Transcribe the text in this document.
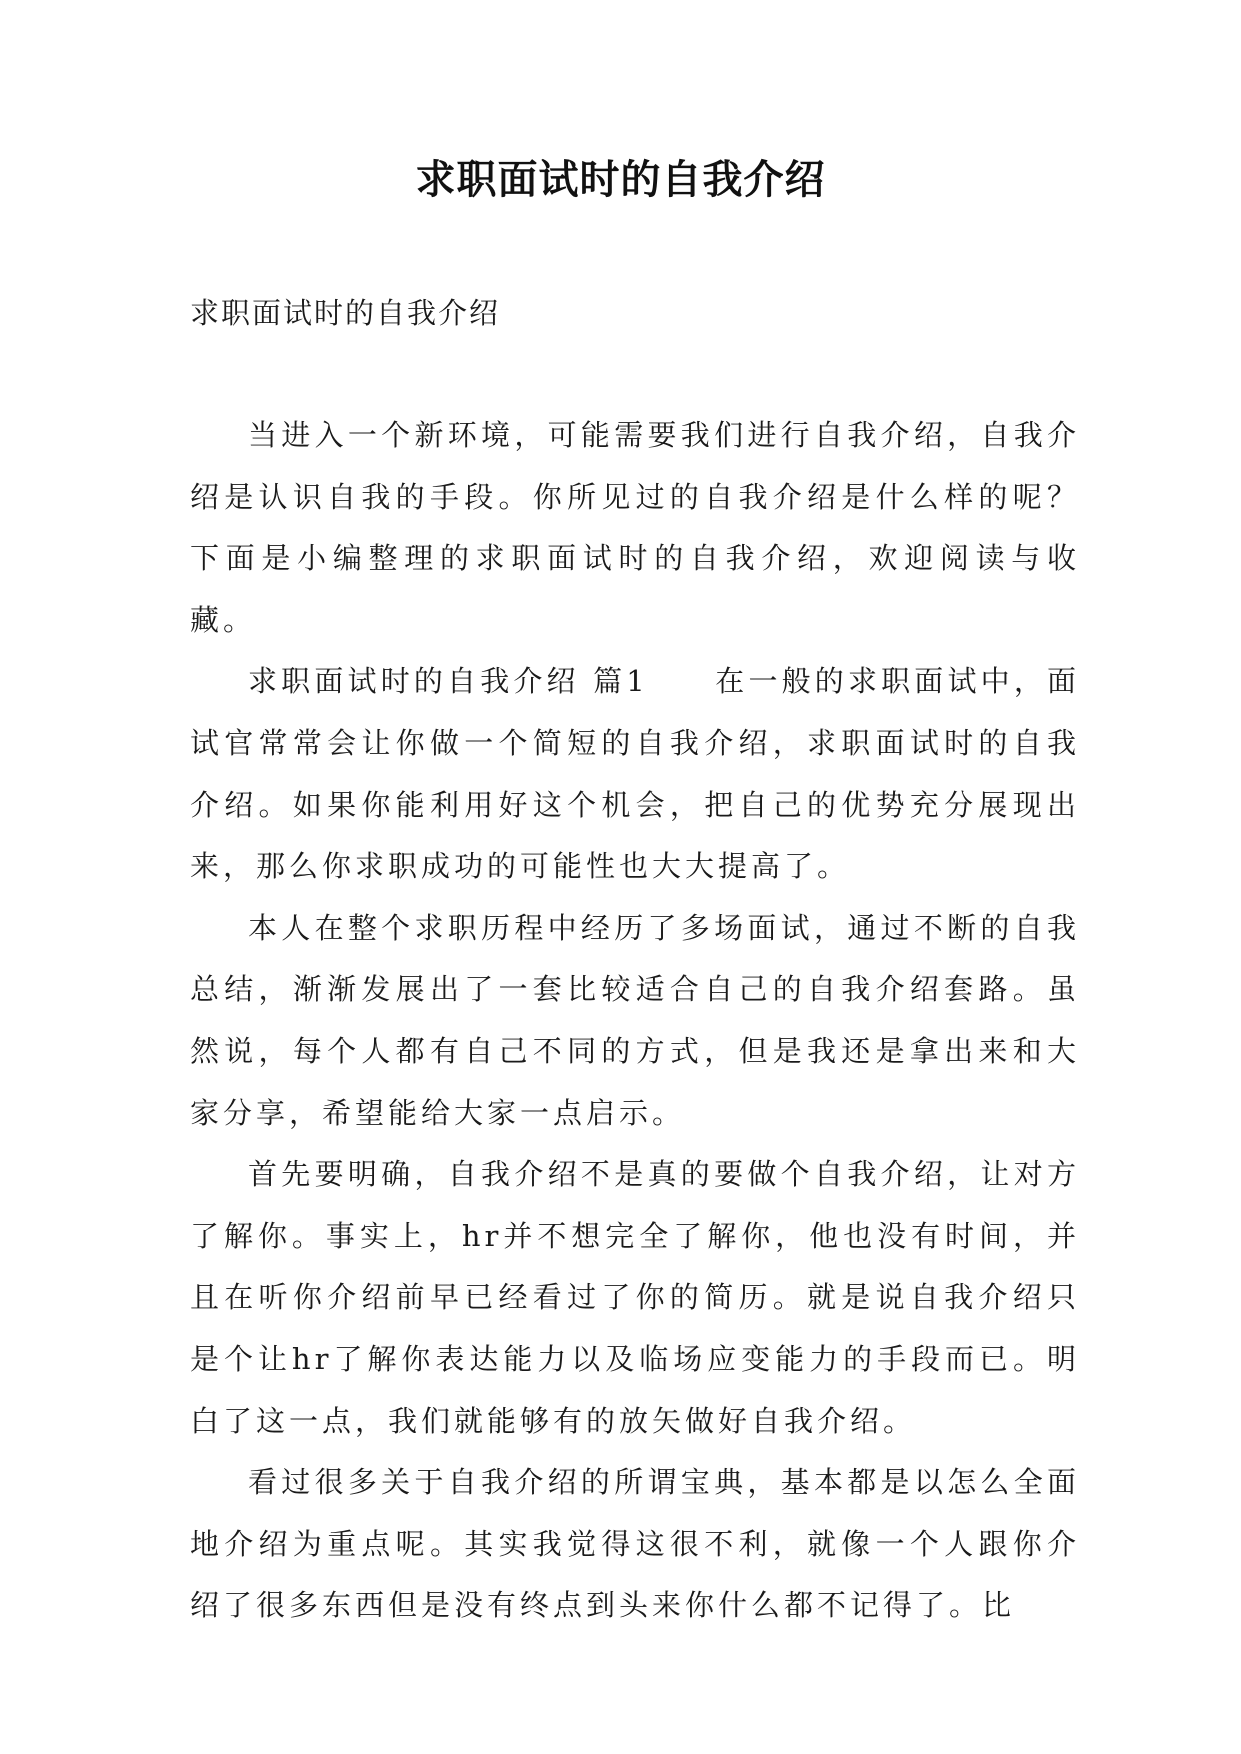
求职面试时的自我介绍

求职面试时的自我介绍

当进入一个新环境，可能需要我们进行自我介绍，自我介绍是认识自我的手段。你所见过的自我介绍是什么样的呢？下面是小编整理的求职面试时的自我介绍，欢迎阅读与收藏。

求职面试时的自我介绍 篇1　　在一般的求职面试中，面试官常常会让你做一个简短的自我介绍，求职面试时的自我介绍。如果你能利用好这个机会，把自己的优势充分展现出来，那么你求职成功的可能性也大大提高了。

本人在整个求职历程中经历了多场面试，通过不断的自我总结，渐渐发展出了一套比较适合自己的自我介绍套路。虽然说，每个人都有自己不同的方式，但是我还是拿出来和大家分享，希望能给大家一点启示。

首先要明确，自我介绍不是真的要做个自我介绍，让对方了解你。事实上，hr并不想完全了解你，他也没有时间，并且在听你介绍前早已经看过了你的简历。就是说自我介绍只是个让hr了解你表达能力以及临场应变能力的手段而已。明白了这一点，我们就能够有的放矢做好自我介绍。

看过很多关于自我介绍的所谓宝典，基本都是以怎么全面地介绍为重点呢。其实我觉得这很不利，就像一个人跟你介绍了很多东西但是没有终点到头来你什么都不记得了。比
